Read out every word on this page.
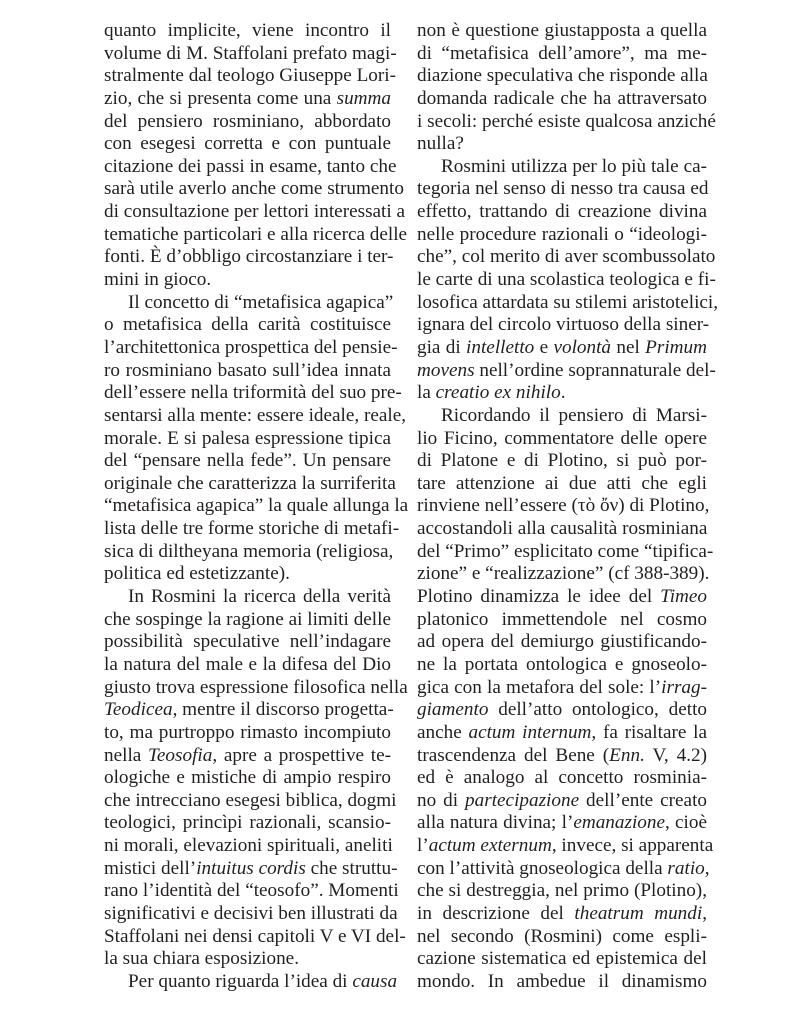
quanto implicite, viene incontro il
volume di M. Staffolani prefato magi-
stralmente dal teologo Giuseppe Lori-
zio, che si presenta come una summa
del pensiero rosminiano, abbordato
con esegesi corretta e con puntuale
citazione dei passi in esame, tanto che
sarà utile averlo anche come strumento
di consultazione per lettori interessati a
tematiche particolari e alla ricerca delle
fonti. È d’obbligo circostanziare i ter-
mini in gioco.
Il concetto di “metafisica agapica”
o metafisica della carità costituisce
l’architettonica prospettica del pensie-
ro rosminiano basato sull’idea innata
dell’essere nella triformità del suo pre-
sentarsi alla mente: essere ideale, reale,
morale. E si palesa espressione tipica
del “pensare nella fede”. Un pensare
originale che caratterizza la surriferita
“metafisica agapica” la quale allunga la
lista delle tre forme storiche di metafi-
sica di diltheyana memoria (religiosa,
politica ed estetizzante).
In Rosmini la ricerca della verità
che sospinge la ragione ai limiti delle
possibilità speculative nell’indagare
la natura del male e la difesa del Dio
giusto trova espressione filosofica nella
Teodicea, mentre il discorso progetta-
to, ma purtroppo rimasto incompiuto
nella Teosofia, apre a prospettive te-
ologiche e mistiche di ampio respiro
che intrecciano esegesi biblica, dogmi
teologici, princìpi razionali, scansio-
ni morali, elevazioni spirituali, aneliti
mistici dell’intuitus cordis che struttu-
rano l’identità del “teosofo”. Momenti
significativi e decisivi ben illustrati da
Staffolani nei densi capitoli V e VI del-
la sua chiara esposizione.
Per quanto riguarda l’idea di causa
non è questione giustapposta a quella
di “metafisica dell’amore”, ma me-
diazione speculativa che risponde alla
domanda radicale che ha attraversato
i secoli: perché esiste qualcosa anziché
nulla?
Rosmini utilizza per lo più tale ca-
tegoria nel senso di nesso tra causa ed
effetto, trattando di creazione divina
nelle procedure razionali o “ideologi-
che”, col merito di aver scombussolato
le carte di una scolastica teologica e fi-
losofica attardata su stilemi aristotelici,
ignara del circolo virtuoso della siner-
gia di intelletto e volontà nel Primum
movens nell’ordine soprannaturale del-
la creatio ex nihilo.
Ricordando il pensiero di Marsi-
lio Ficino, commentatore delle opere
di Platone e di Plotino, si può por-
tare attenzione ai due atti che egli
rinviene nell’essere (τὸ ὄν) di Plotino,
accostandoli alla causalità rosminiana
del “Primo” esplicitato come “tipifica-
zione” e “realizzazione” (cf 388-389).
Plotino dinamizza le idee del Timeo
platonico immettendole nel cosmo
ad opera del demiurgo giustificando-
ne la portata ontologica e gnoseolo-
gica con la metafora del sole: l’irrag-
giamento dell’atto ontologico, detto
anche actum internum, fa risaltare la
trascendenza del Bene (Enn. V, 4.2)
ed è analogo al concetto rosminia-
no di partecipazione dell’ente creato
alla natura divina; l’emanazione, cioè
l’actum externum, invece, si apparenta
con l’attività gnoseologica della ratio,
che si destreggia, nel primo (Plotino),
in descrizione del theatrum mundi,
nel secondo (Rosmini) come espli-
cazione sistematica ed epistemica del
mondo. In ambedue il dinamismo
